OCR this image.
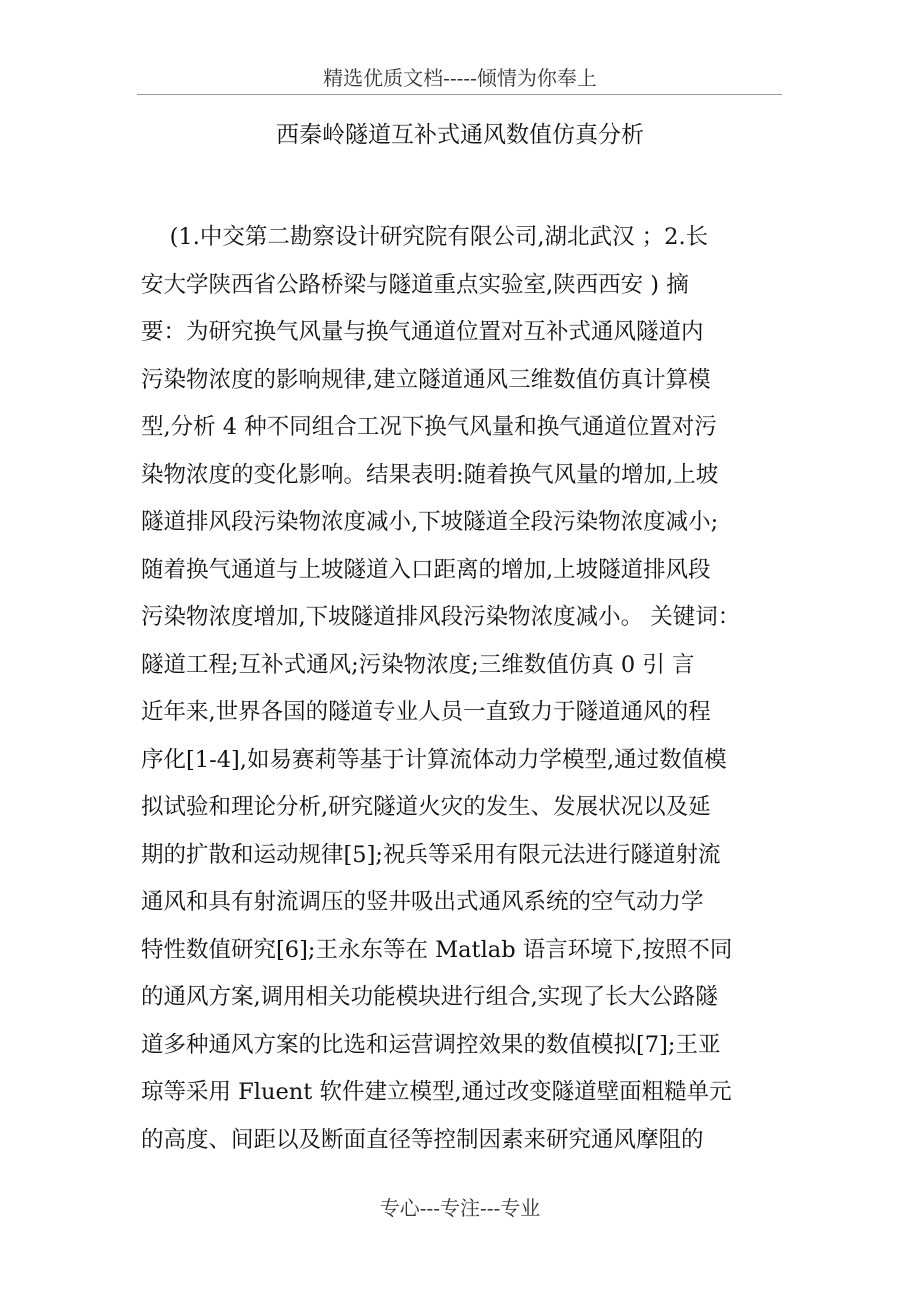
精选优质文档-----倾情为你奉上
西秦岭隧道互补式通风数值仿真分析
(1.中交第二勘察设计研究院有限公司,湖北武汉 ；2.长
安大学陕西省公路桥梁与隧道重点实验室,陕西西安 ) 摘
要：为研究换气风量与换气通道位置对互补式通风隧道内
污染物浓度的影响规律,建立隧道通风三维数值仿真计算模
型,分析 4 种不同组合工况下换气风量和换气通道位置对污
染物浓度的变化影响。结果表明:随着换气风量的增加,上坡
隧道排风段污染物浓度减小,下坡隧道全段污染物浓度减小;
随着换气通道与上坡隧道入口距离的增加,上坡隧道排风段
污染物浓度增加,下坡隧道排风段污染物浓度减小。 关键词：
隧道工程;互补式通风;污染物浓度;三维数值仿真 0 引 言
近年来,世界各国的隧道专业人员一直致力于隧道通风的程
序化[1-4],如易赛莉等基于计算流体动力学模型,通过数值模
拟试验和理论分析,研究隧道火灾的发生、发展状况以及延
期的扩散和运动规律[5];祝兵等采用有限元法进行隧道射流
通风和具有射流调压的竖井吸出式通风系统的空气动力学
特性数值研究[6];王永东等在 Matlab 语言环境下,按照不同
的通风方案,调用相关功能模块进行组合,实现了长大公路隧
道多种通风方案的比选和运营调控效果的数值模拟[7];王亚
琼等采用 Fluent 软件建立模型,通过改变隧道壁面粗糙单元
的高度、间距以及断面直径等控制因素来研究通风摩阻的
专心---专注---专业
